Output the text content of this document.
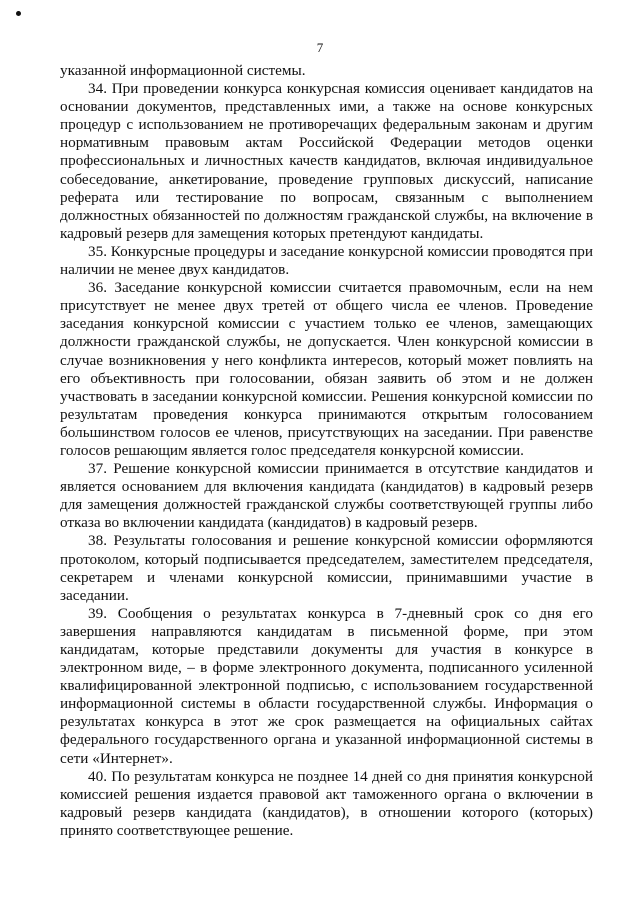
7

указанной информационной системы.

34. При проведении конкурса конкурсная комиссия оценивает кандидатов на основании документов, представленных ими, а также на основе конкурсных процедур с использованием не противоречащих федеральным законам и другим нормативным правовым актам Российской Федерации методов оценки профессиональных и личностных качеств кандидатов, включая индивидуальное собеседование, анкетирование, проведение групповых дискуссий, написание реферата или тестирование по вопросам, связанным с выполнением должностных обязанностей по должностям гражданской службы, на включение в кадровый резерв для замещения которых претендуют кандидаты.

35. Конкурсные процедуры и заседание конкурсной комиссии проводятся при наличии не менее двух кандидатов.

36. Заседание конкурсной комиссии считается правомочным, если на нем присутствует не менее двух третей от общего числа ее членов. Проведение заседания конкурсной комиссии с участием только ее членов, замещающих должности гражданской службы, не допускается. Член конкурсной комиссии в случае возникновения у него конфликта интересов, который может повлиять на его объективность при голосовании, обязан заявить об этом и не должен участвовать в заседании конкурсной комиссии. Решения конкурсной комиссии по результатам проведения конкурса принимаются открытым голосованием большинством голосов ее членов, присутствующих на заседании. При равенстве голосов решающим является голос председателя конкурсной комиссии.

37. Решение конкурсной комиссии принимается в отсутствие кандидатов и является основанием для включения кандидата (кандидатов) в кадровый резерв для замещения должностей гражданской службы соответствующей группы либо отказа во включении кандидата (кандидатов) в кадровый резерв.

38. Результаты голосования и решение конкурсной комиссии оформляются протоколом, который подписывается председателем, заместителем председателя, секретарем и членами конкурсной комиссии, принимавшими участие в заседании.

39. Сообщения о результатах конкурса в 7-дневный срок со дня его завершения направляются кандидатам в письменной форме, при этом кандидатам, которые представили документы для участия в конкурсе в электронном виде, – в форме электронного документа, подписанного усиленной квалифицированной электронной подписью, с использованием государственной информационной системы в области государственной службы. Информация о результатах конкурса в этот же срок размещается на официальных сайтах федерального государственного органа и указанной информационной системы в сети «Интернет».

40. По результатам конкурса не позднее 14 дней со дня принятия конкурсной комиссией решения издается правовой акт таможенного органа о включении в кадровый резерв кандидата (кандидатов), в отношении которого (которых) принято соответствующее решение.
